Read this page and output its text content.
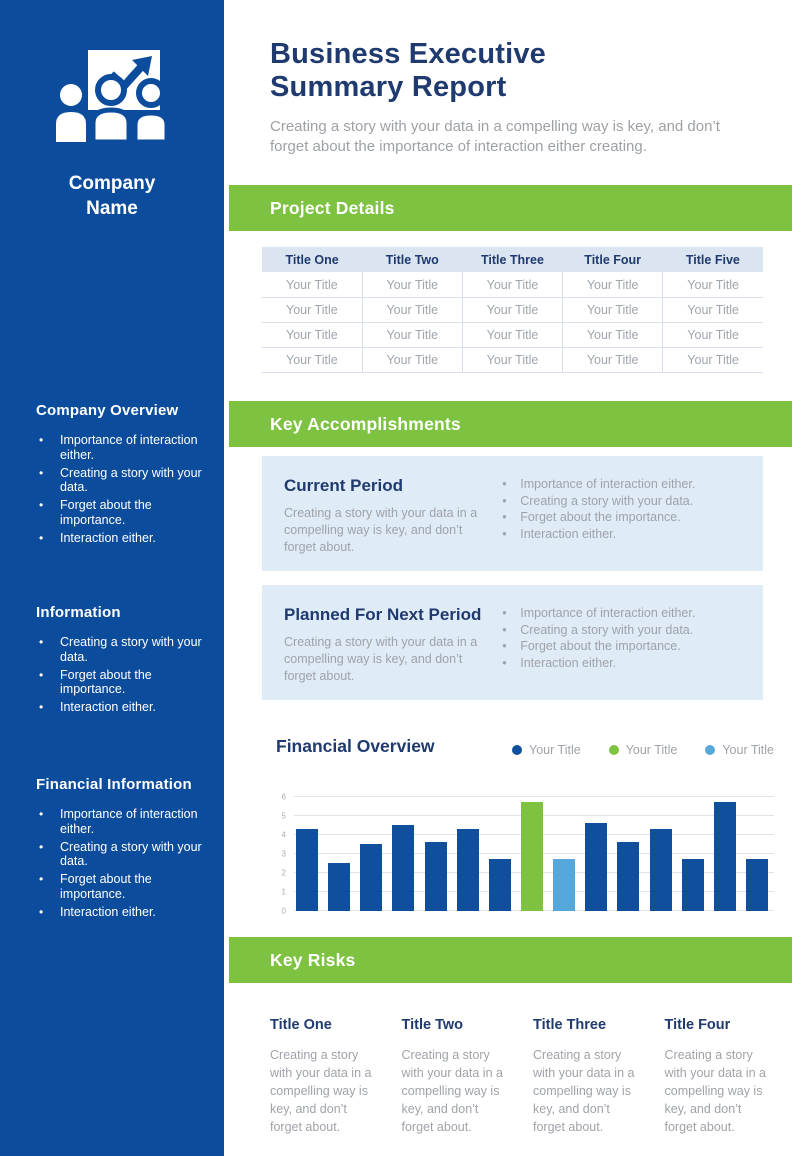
Company Name
Company Overview
• Importance of interaction either.
• Creating a story with your data.
• Forget about the importance.
• Interaction either.
Information
• Creating a story with your data.
• Forget about the importance.
• Interaction either.
Financial Information
• Importance of interaction either.
• Creating a story with your data.
• Forget about the importance.
• Interaction either.
Business Executive Summary Report

Creating a story with your data in a compelling way is key, and don’t forget about the importance of interaction either creating.

Project Details
Title One	Title Two	Title Three	Title Four	Title Five
Your Title	Your Title	Your Title	Your Title	Your Title
Your Title	Your Title	Your Title	Your Title	Your Title
Your Title	Your Title	Your Title	Your Title	Your Title
Your Title	Your Title	Your Title	Your Title	Your Title
Key Accomplishments
Current Period

Creating a story with your data in a compelling way is key, and don’t forget about.

• Importance of interaction either.
• Creating a story with your data.
• Forget about the importance.
• Interaction either.
Planned For Next Period

Creating a story with your data in a compelling way is key, and don’t forget about.

• Importance of interaction either.
• Creating a story with your data.
• Forget about the importance.
• Interaction either.
Financial Overview	Your Title	Your Title	Your Title
0
1
2
3
4
5
6
Key Risks
Title One

Creating a story with your data in a compelling way is key, and don’t forget about.

Title Two

Creating a story with your data in a compelling way is key, and don’t forget about.

Title Three

Creating a story with your data in a compelling way is key, and don’t forget about.

Title Four

Creating a story with your data in a compelling way is key, and don’t forget about.
